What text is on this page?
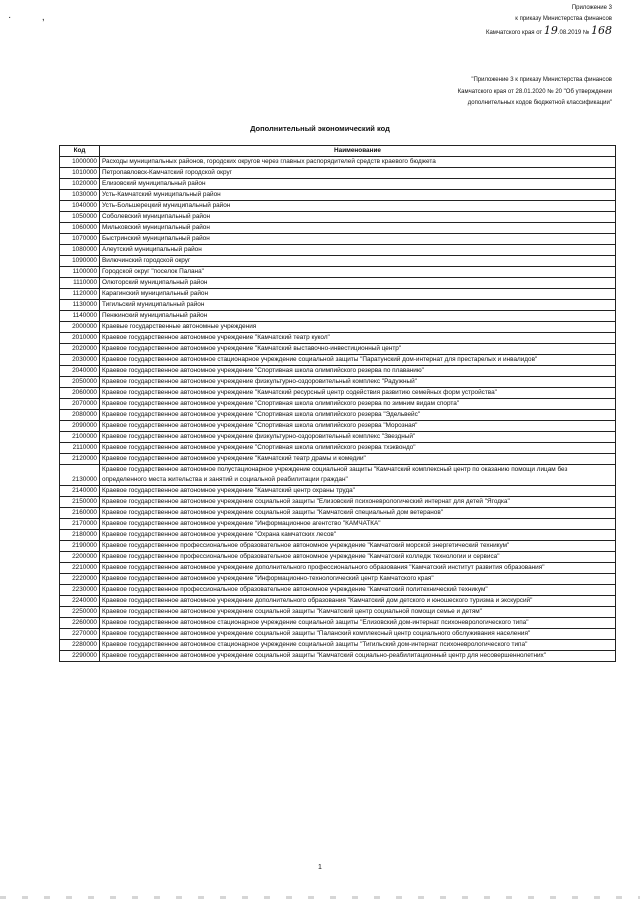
·           ,
Приложение 3
к приказу Министерства финансов
Камчатского края от 19.08.2019 № 168
"Приложение 3 к приказу Министерства финансов
Камчатского края от 28.01.2020 № 20 "Об утверждении
дополнительных кодов бюджетной классификации"
Дополнительный экономический код
Код	Наименование
1000000	Расходы муниципальных районов, городских округов через главных распорядителей средств краевого бюджета
1010000	Петропавловск-Камчатский городской округ
1020000	Елизовский муниципальный район
1030000	Усть-Камчатский муниципальный район
1040000	Усть-Большерецкий муниципальный район
1050000	Соболевский муниципальный район
1060000	Мильковский муниципальный район
1070000	Быстринский муниципальный район
1080000	Алеутский муниципальный район
1090000	Вилючинский городской округ
1100000	Городской округ "поселок Палана"
1110000	Олюторский муниципальный район
1120000	Карагинский муниципальный район
1130000	Тигильский муниципальный район
1140000	Пенжинский муниципальный район
2000000	Краевые государственные автономные учреждения
2010000	Краевое государственное автономное учреждение "Камчатский театр кукол"
2020000	Краевое государственное автономное учреждение "Камчатский выставочно-инвестиционный центр"
2030000	Краевое государственное автономное стационарное учреждение социальной защиты "Паратунский дом-интернат для престарелых и инвалидов"
2040000	Краевое государственное автономное учреждение "Спортивная школа олимпийского резерва по плаванию"
2050000	Краевое государственное автономное учреждение физкультурно-оздоровительный комплекс "Радужный"
2060000	Краевое государственное автономное учреждение "Камчатский ресурсный центр содействия развитию семейных форм устройства"
2070000	Краевое государственное автономное учреждение "Спортивная школа олимпийского резерва по зимним видам спорта"
2080000	Краевое государственное автономное учреждение "Спортивная школа олимпийского резерва "Эдельвейс"
2090000	Краевое государственное автономное учреждение "Спортивная школа олимпийского резерва "Морозная"
2100000	Краевое государственное автономное учреждение физкультурно-оздоровительный комплекс "Звездный"
2110000	Краевое государственное автономное учреждение "Спортивная школа олимпийского резерва тхэквондо"
2120000	Краевое государственное автономное учреждение "Камчатский театр драмы и комедии"
2130000	Краевое государственное автономное полустационарное учреждение социальной защиты "Камчатский комплексный центр по оказанию помощи лицам без определенного места жительства и занятий и социальной реабилитации граждан"
2140000	Краевое государственное автономное учреждение "Камчатский центр охраны труда"
2150000	Краевое государственное автономное учреждение социальной защиты "Елизовский психоневрологический интернат для детей "Ягодка"
2160000	Краевое государственное автономное учреждение социальной защиты "Камчатский специальный дом ветеранов"
2170000	Краевое государственное автономное учреждение "Информационное агентство "КАМЧАТКА"
2180000	Краевое государственное автономное учреждение "Охрана камчатских лесов"
2190000	Краевое государственное профессиональное образовательное автономное учреждение "Камчатский морской энергетический техникум"
2200000	Краевое государственное профессиональное образовательное автономное учреждение "Камчатский колледж технологии и сервиса"
2210000	Краевое государственное автономное учреждение дополнительного профессионального образования "Камчатский институт развития образования"
2220000	Краевое государственное автономное учреждение "Информационно-технологический центр Камчатского края"
2230000	Краевое государственное профессиональное образовательное автономное учреждение "Камчатский политехнический техникум"
2240000	Краевое государственное автономное учреждение дополнительного образования "Камчатский дом детского и юношеского туризма и экскурсий"
2250000	Краевое государственное автономное учреждение социальной защиты "Камчатский центр социальной помощи семье и детям"
2260000	Краевое государственное автономное стационарное учреждение социальной защиты "Елизовский дом-интернат психоневрологического типа"
2270000	Краевое государственное автономное учреждение социальной защиты "Паланский комплексный центр социального обслуживания населения"
2280000	Краевое государственное автономное стационарное учреждение социальной защиты "Тигильский дом-интернат психоневрологического типа"
2290000	Краевое государственное автономное учреждение социальной защиты "Камчатский социально-реабилитационный центр для несовершеннолетних"
1
